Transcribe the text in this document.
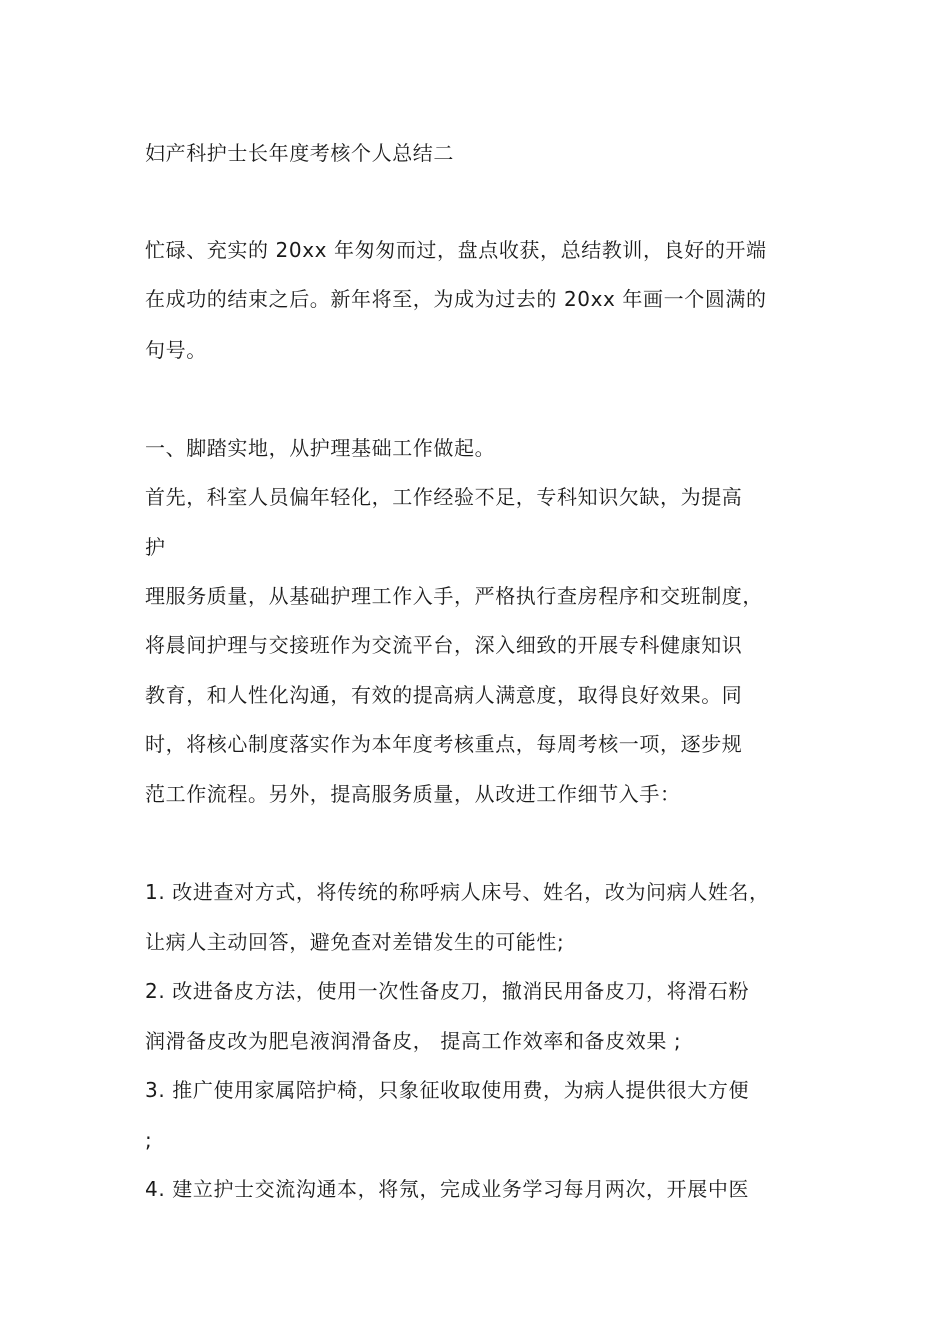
妇产科护士长年度考核个人总结二
忙碌、充实的 20xx 年匆匆而过，盘点收获，总结教训，良好的开端
在成功的结束之后。新年将至，为成为过去的 20xx 年画一个圆满的
句号。
一、脚踏实地，从护理基础工作做起。
首先，科室人员偏年轻化，工作经验不足，专科知识欠缺，为提高
护
理服务质量，从基础护理工作入手，严格执行查房程序和交班制度，
将晨间护理与交接班作为交流平台，深入细致的开展专科健康知识
教育，和人性化沟通，有效的提高病人满意度，取得良好效果。同
时，将核心制度落实作为本年度考核重点，每周考核一项，逐步规
范工作流程。另外，提高服务质量，从改进工作细节入手：
1. 改进查对方式，将传统的称呼病人床号、姓名，改为问病人姓名，
让病人主动回答，避免查对差错发生的可能性;
2. 改进备皮方法，使用一次性备皮刀，撤消民用备皮刀，将滑石粉
润滑备皮改为肥皂液润滑备皮， 提高工作效率和备皮效果 ;
3. 推广使用家属陪护椅，只象征收取使用费，为病人提供很大方便
;
4. 建立护士交流沟通本，将氖，完成业务学习每月两次，开展中医
